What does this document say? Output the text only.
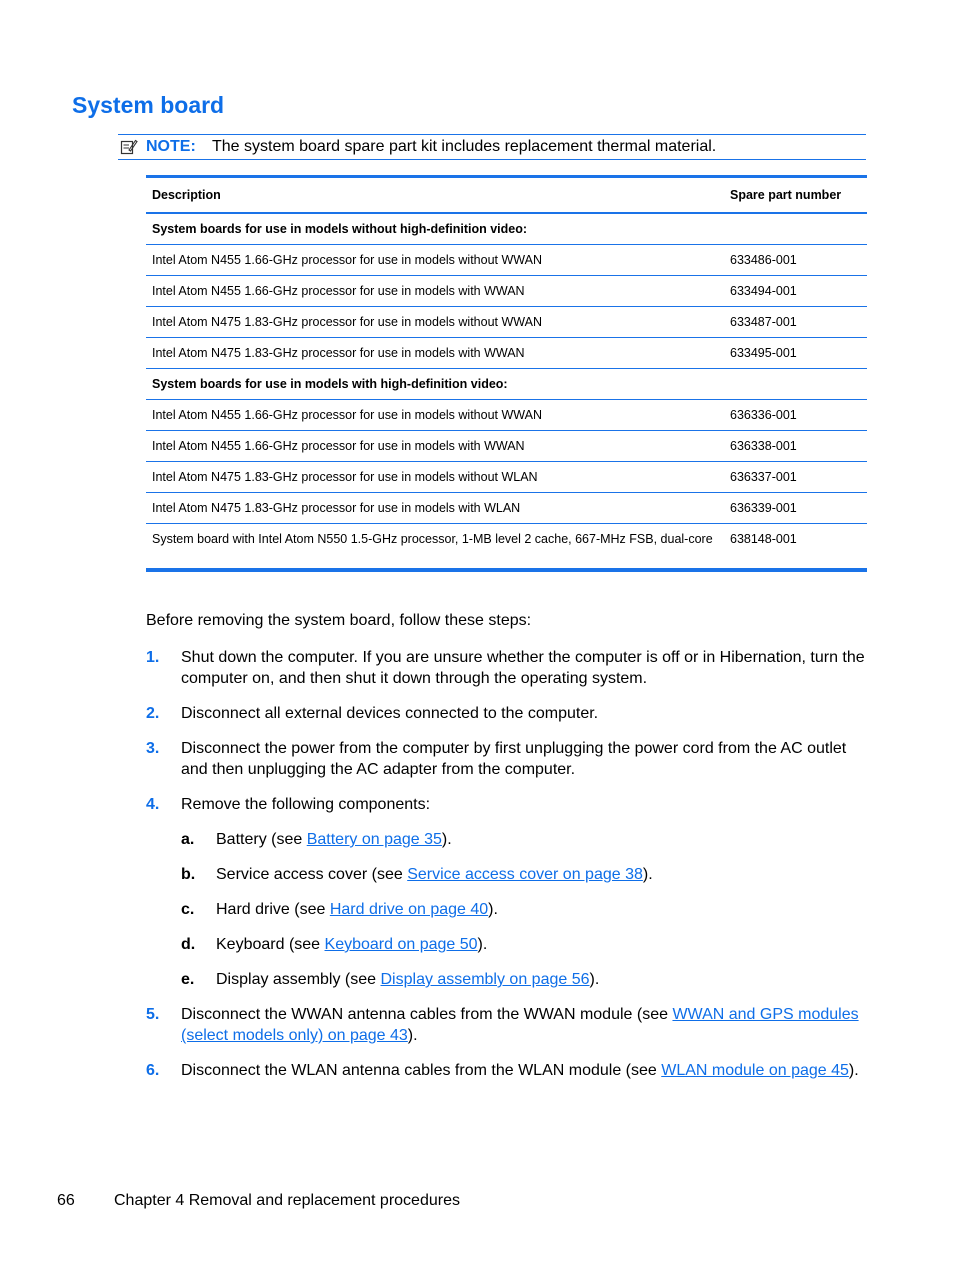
System board
NOTE: The system board spare part kit includes replacement thermal material.
Description	Spare part number
System boards for use in models without high-definition video:	
Intel Atom N455 1.66-GHz processor for use in models without WWAN	633486-001
Intel Atom N455 1.66-GHz processor for use in models with WWAN	633494-001
Intel Atom N475 1.83-GHz processor for use in models without WWAN	633487-001
Intel Atom N475 1.83-GHz processor for use in models with WWAN	633495-001
System boards for use in models with high-definition video:	
Intel Atom N455 1.66-GHz processor for use in models without WWAN	636336-001
Intel Atom N455 1.66-GHz processor for use in models with WWAN	636338-001
Intel Atom N475 1.83-GHz processor for use in models without WLAN	636337-001
Intel Atom N475 1.83-GHz processor for use in models with WLAN	636339-001
System board with Intel Atom N550 1.5-GHz processor, 1-MB level 2 cache, 667-MHz FSB, dual-core	638148-001

Before removing the system board, follow these steps:

1. Shut down the computer. If you are unsure whether the computer is off or in Hibernation, turn the computer on, and then shut it down through the operating system.
2. Disconnect all external devices connected to the computer.
3. Disconnect the power from the computer by first unplugging the power cord from the AC outlet and then unplugging the AC adapter from the computer.
4. Remove the following components:
a. Battery (see Battery on page 35).
b. Service access cover (see Service access cover on page 38).
c. Hard drive (see Hard drive on page 40).
d. Keyboard (see Keyboard on page 50).
e. Display assembly (see Display assembly on page 56).
5. Disconnect the WWAN antenna cables from the WWAN module (see WWAN and GPS modules (select models only) on page 43).
6. Disconnect the WLAN antenna cables from the WLAN module (see WLAN module on page 45).
66 Chapter 4 Removal and replacement procedures
